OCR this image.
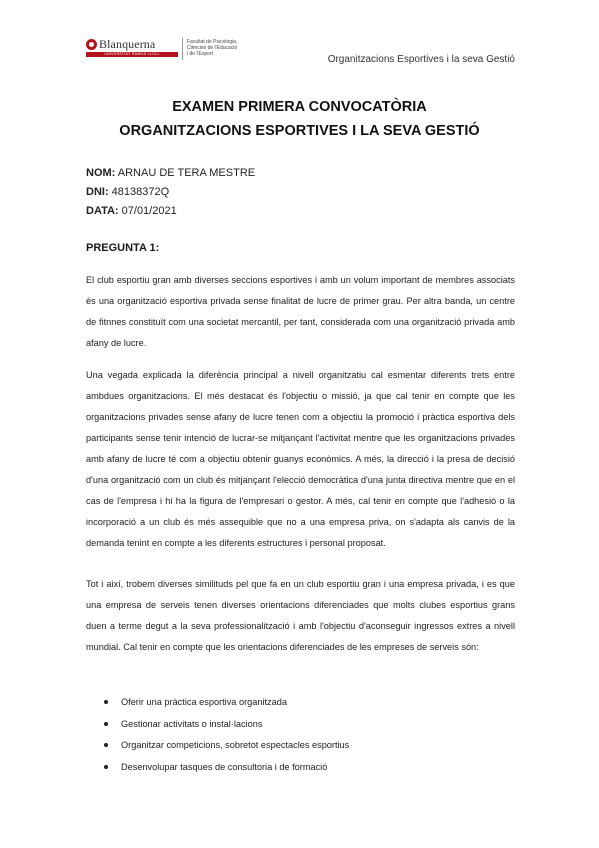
Blanquerna
UNIVERSITAT RAMON LLULL
Facultat de Psicologia,
Ciències de l'Educació
i de l'Esport	Organitzacions Esportives i la seva Gestió
EXAMEN PRIMERA CONVOCATÒRIA
ORGANITZACIONS ESPORTIVES I LA SEVA GESTIÓ
NOM: ARNAU DE TERA MESTRE
DNI: 48138372Q
DATA: 07/01/2021
PREGUNTA 1:

El club esportiu gran amb diverses seccions esportives i amb un volum important de membres associats és una organització esportiva privada sense finalitat de lucre de primer grau. Per altra banda, un centre de fitnnes constituït com una societat mercantil, per tant, considerada com una organització privada amb afany de lucre.

Una vegada explicada la diferència principal a nivell organitzatiu cal esmentar diferents trets entre ambdues organitzacions. El més destacat és l'objectiu o missió, ja que cal tenir en compte que les organitzacions privades sense afany de lucre tenen com a objectiu la promoció i pràctica esportiva dels participants sense tenir intenció de lucrar-se mitjançant l'activitat mentre que les organitzacions privades amb afany de lucre té com a objectiu obtenir guanys econòmics. A més, la direcció i la presa de decisió d'una organització com un club és mitjançant l'elecció democràtica d'una junta directiva mentre que en el cas de l'empresa i hi ha la figura de l'empresari o gestor. A més, cal tenir en compte que l'adhesió o la incorporació a un club és més assequible que no a una empresa priva, on s'adapta als canvis de la demanda tenint en compte a les diferents estructures i personal proposat.

Tot i així, trobem diverses similituds pel que fa en un club esportiu gran i una empresa privada, i es que una empresa de serveis tenen diverses orientacions diferenciades que molts clubes esportius grans duen a terme degut a la seva professionalització i amb l'objectiu d'aconseguir ingressos extres a nivell mundial. Cal tenir en compte que les orientacions diferenciades de les empreses de serveis són:

Oferir una pràctica esportiva organitzada
Gestionar activitats o instal·lacions
Organitzar competicions, sobretot espectacles esportius
Desenvolupar tasques de consultoria i de formació
